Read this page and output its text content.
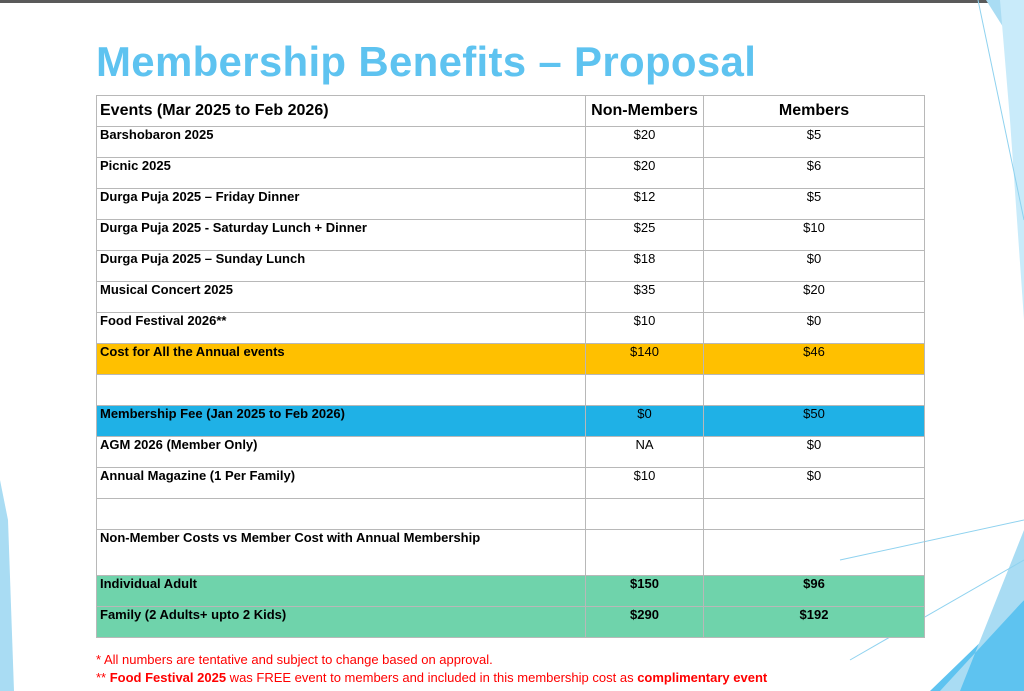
Membership Benefits – Proposal
Events (Mar 2025 to Feb 2026)	Non-Members	Members
Barshobaron 2025	$20	$5
Picnic 2025	$20	$6
Durga Puja 2025 – Friday Dinner	$12	$5
Durga Puja 2025 - Saturday Lunch + Dinner	$25	$10
Durga Puja 2025 – Sunday Lunch	$18	$0
Musical Concert 2025	$35	$20
Food Festival 2026**	$10	$0
Cost for All the Annual events	$140	$46

Membership Fee (Jan 2025 to Feb 2026)	$0	$50
AGM 2026 (Member Only)	NA	$0
Annual Magazine (1 Per Family)	$10	$0

Non-Member Costs vs Member Cost with Annual Membership		
Individual Adult	$150	$96
Family (2 Adults+ upto 2 Kids)	$290	$192
* All numbers are tentative and subject to change based on approval.
** Food Festival 2025 was FREE event to members and included in this membership cost as complimentary event
